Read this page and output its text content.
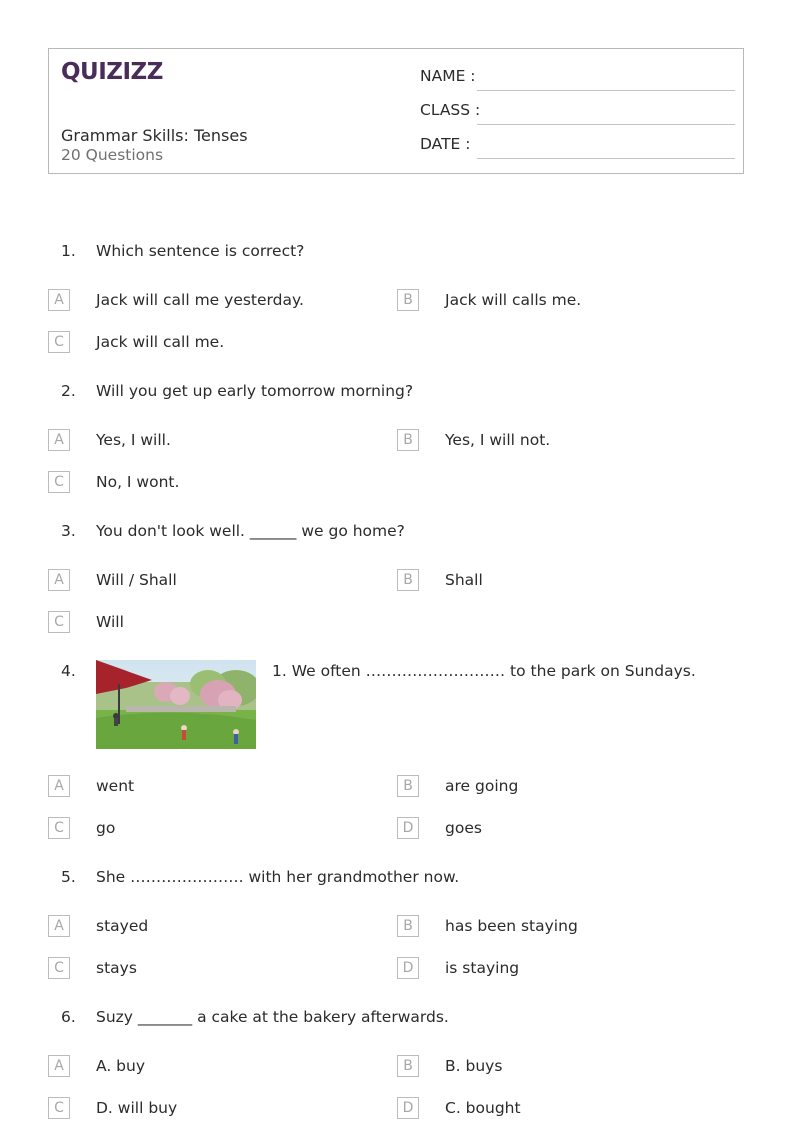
QUIZIZZ
Grammar Skills: Tenses
20 Questions
NAME :
CLASS :
DATE :
1. Which sentence is correct?
A	Jack will call me yesterday.	B	Jack will calls me.
C	Jack will call me.
2. Will you get up early tomorrow morning?
A	Yes, I will.	B	Yes, I will not.
C	No, I wont.
3. You don't look well. ______ we go home?
A	Will / Shall	B	Shall
C	Will
4.	1. We often ……………………… to the park on Sundays.
A	went	B	are going
C	go	D	goes
5. She …………………. with her grandmother now.
A	stayed	B	has been staying
C	stays	D	is staying
6. Suzy _______ a cake at the bakery afterwards.
A	A. buy	B	B. buys
C	D. will buy	D	C. bought
